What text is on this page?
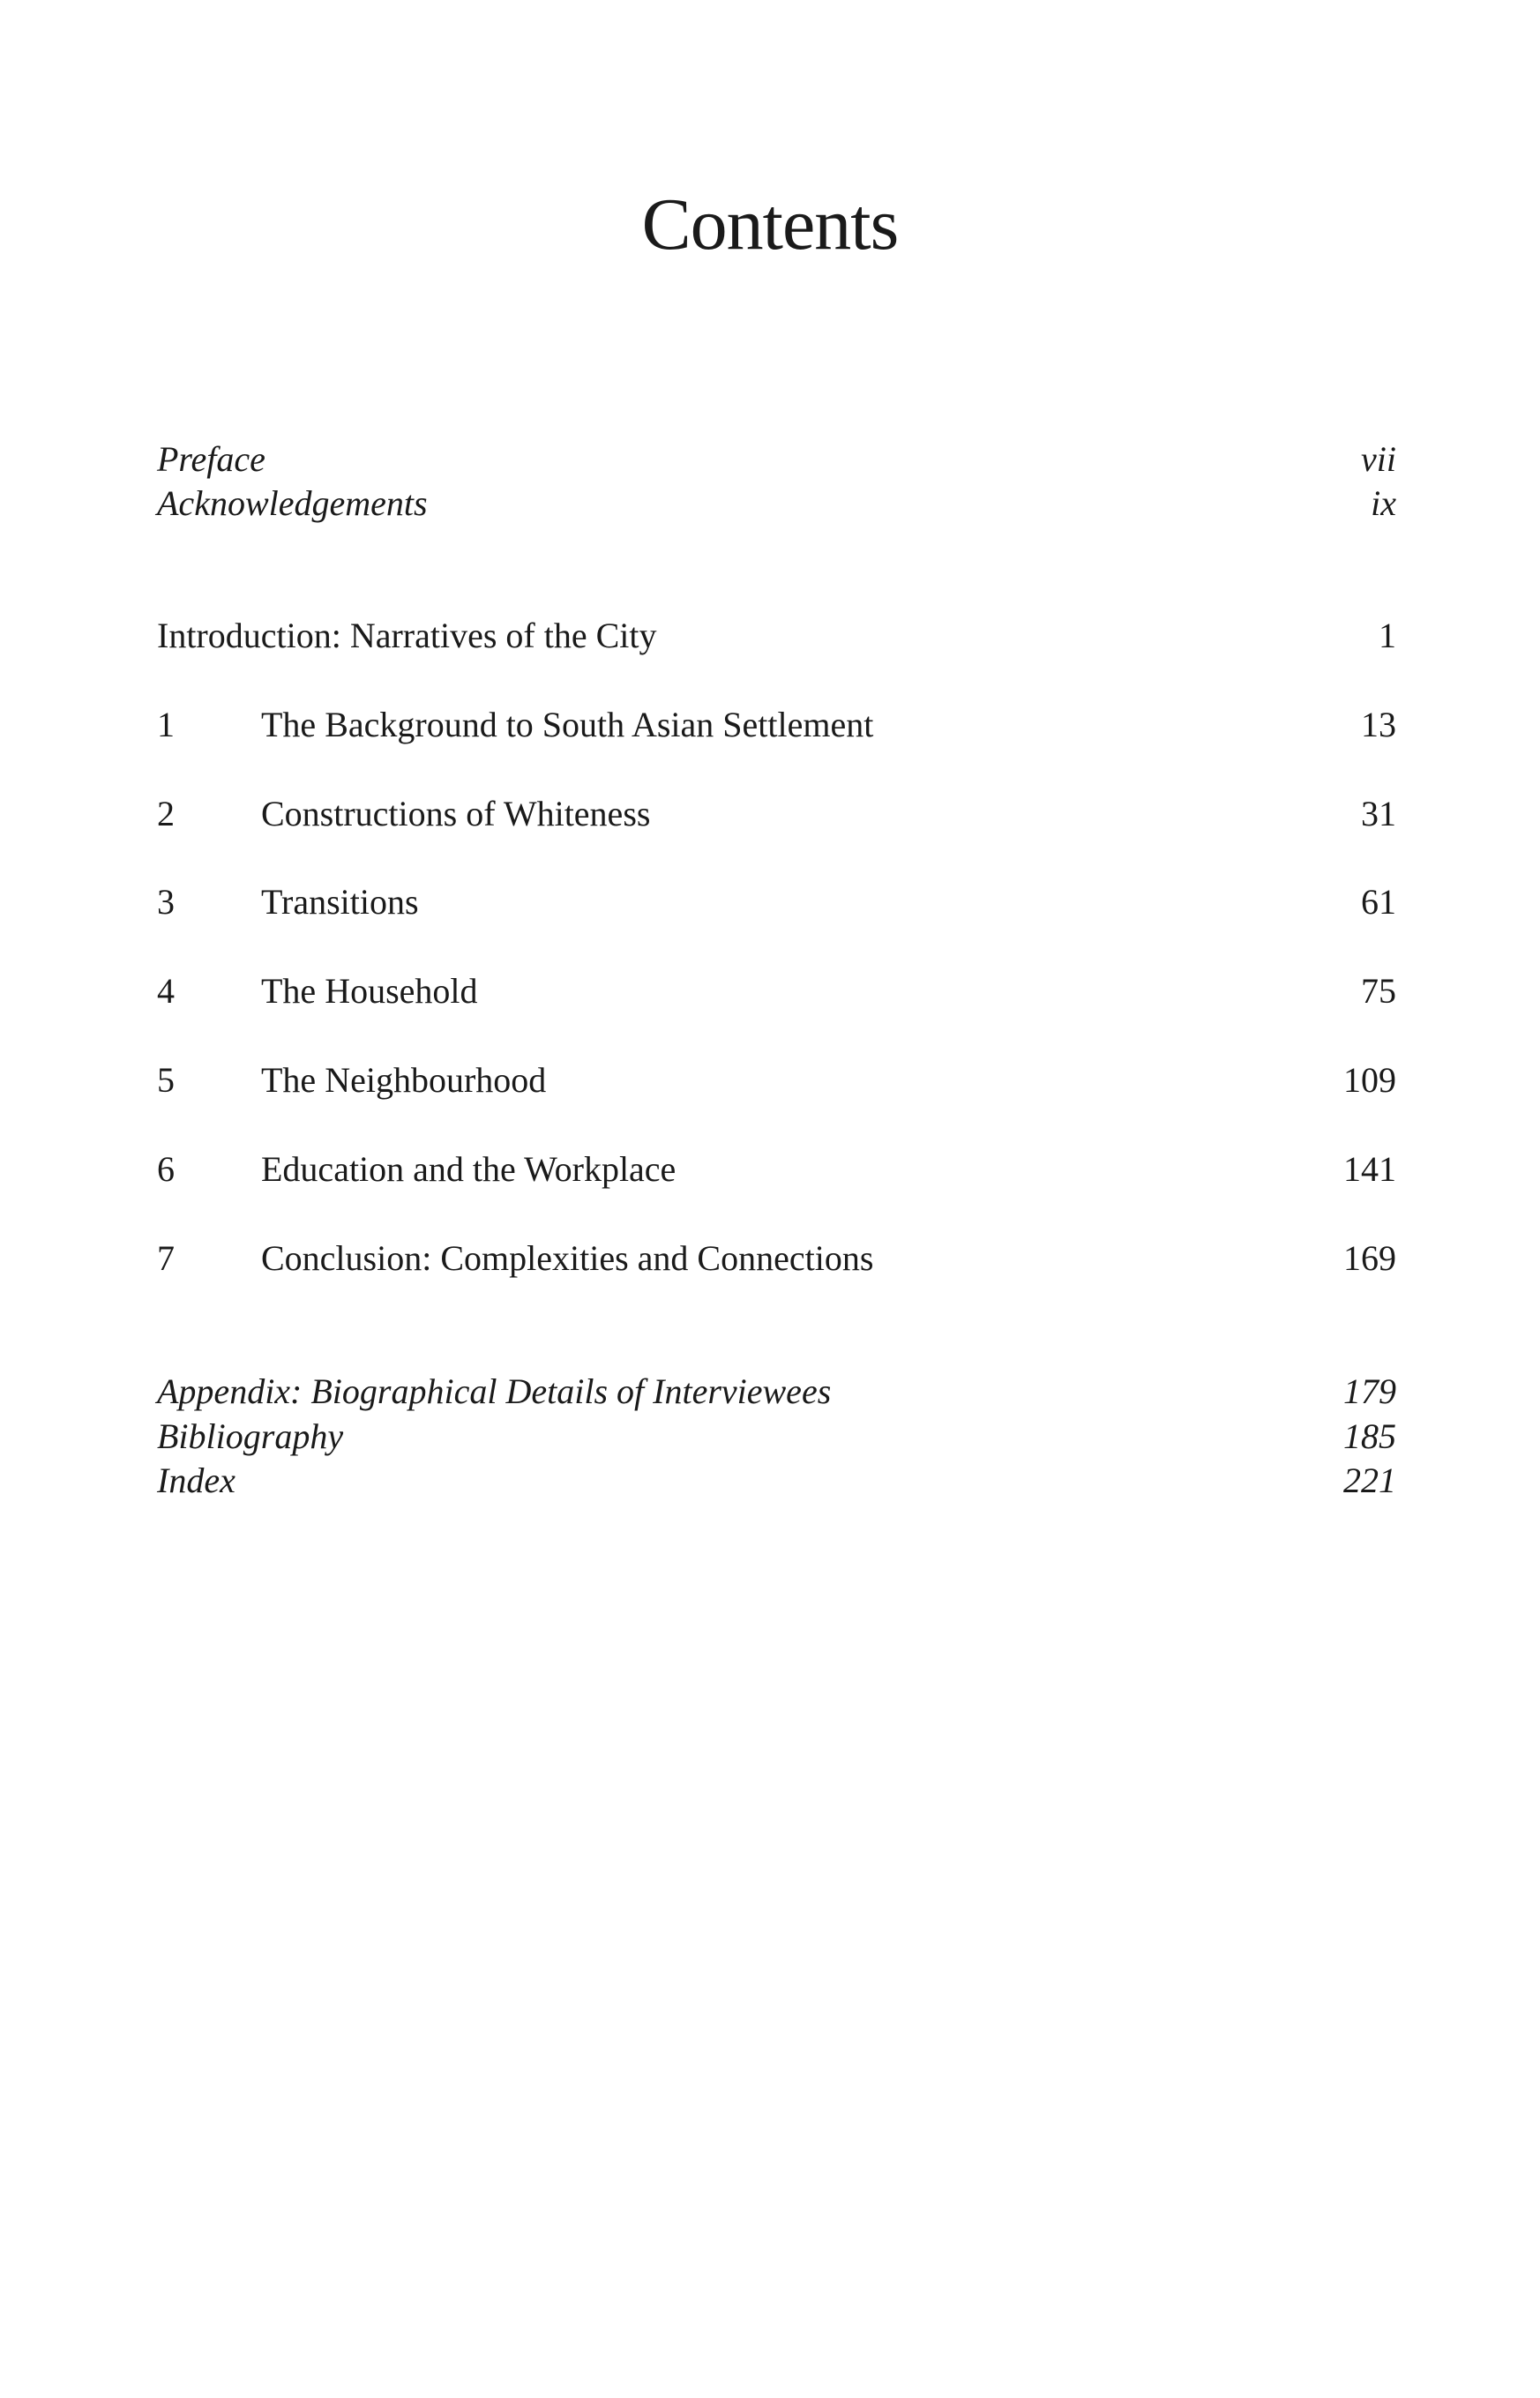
Contents
Preface	vii
Acknowledgements	ix
Introduction: Narratives of the City	1
1 The Background to South Asian Settlement	13
2 Constructions of Whiteness	31
3 Transitions	61
4 The Household	75
5 The Neighbourhood	109
6 Education and the Workplace	141
7 Conclusion: Complexities and Connections	169
Appendix: Biographical Details of Interviewees	179
Bibliography	185
Index	221
